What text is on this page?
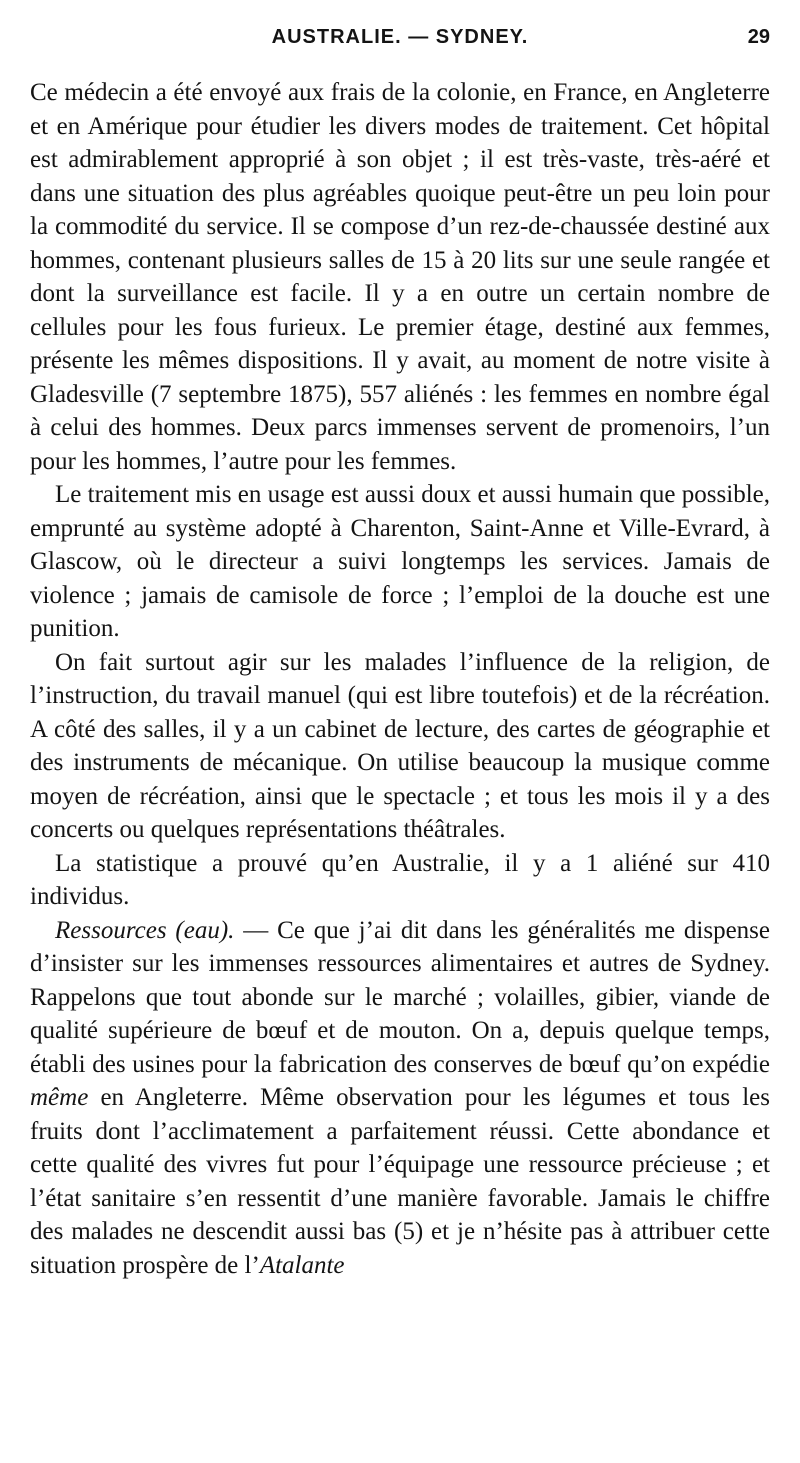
AUSTRALIE. — SYDNEY.	29

Ce médecin a été envoyé aux frais de la colonie, en France, en Angleterre et en Amérique pour étudier les divers modes de traitement. Cet hôpital est admirablement approprié à son objet ; il est très-vaste, très-aéré et dans une situation des plus agréables quoique peut-être un peu loin pour la commodité du service. Il se compose d’un rez-de-chaussée destiné aux hommes, contenant plusieurs salles de 15 à 20 lits sur une seule rangée et dont la surveillance est facile. Il y a en outre un certain nombre de cellules pour les fous furieux. Le premier étage, destiné aux femmes, présente les mêmes dispositions. Il y avait, au moment de notre visite à Gladesville (7 septembre 1875), 557 aliénés : les femmes en nombre égal à celui des hommes. Deux parcs immenses servent de promenoirs, l’un pour les hommes, l’autre pour les femmes.

Le traitement mis en usage est aussi doux et aussi humain que possible, emprunté au système adopté à Charenton, Saint-Anne et Ville-Evrard, à Glascow, où le directeur a suivi longtemps les services. Jamais de violence ; jamais de camisole de force ; l’emploi de la douche est une punition.

On fait surtout agir sur les malades l’influence de la religion, de l’instruction, du travail manuel (qui est libre toutefois) et de la récréation. A côté des salles, il y a un cabinet de lecture, des cartes de géographie et des instruments de mécanique. On utilise beaucoup la musique comme moyen de récréation, ainsi que le spectacle ; et tous les mois il y a des concerts ou quelques représentations théâtrales.

La statistique a prouvé qu’en Australie, il y a 1 aliéné sur 410 individus.

Ressources (eau). — Ce que j’ai dit dans les généralités me dispense d’insister sur les immenses ressources alimentaires et autres de Sydney. Rappelons que tout abonde sur le marché ; volailles, gibier, viande de qualité supérieure de bœuf et de mouton. On a, depuis quelque temps, établi des usines pour la fabrication des conserves de bœuf qu’on expédie même en Angleterre. Même observation pour les légumes et tous les fruits dont l’acclimatement a parfaitement réussi. Cette abondance et cette qualité des vivres fut pour l’équipage une ressource précieuse ; et l’état sanitaire s’en ressentit d’une manière favorable. Jamais le chiffre des malades ne descendit aussi bas (5) et je n’hésite pas à attribuer cette situation prospère de l’Atalante
